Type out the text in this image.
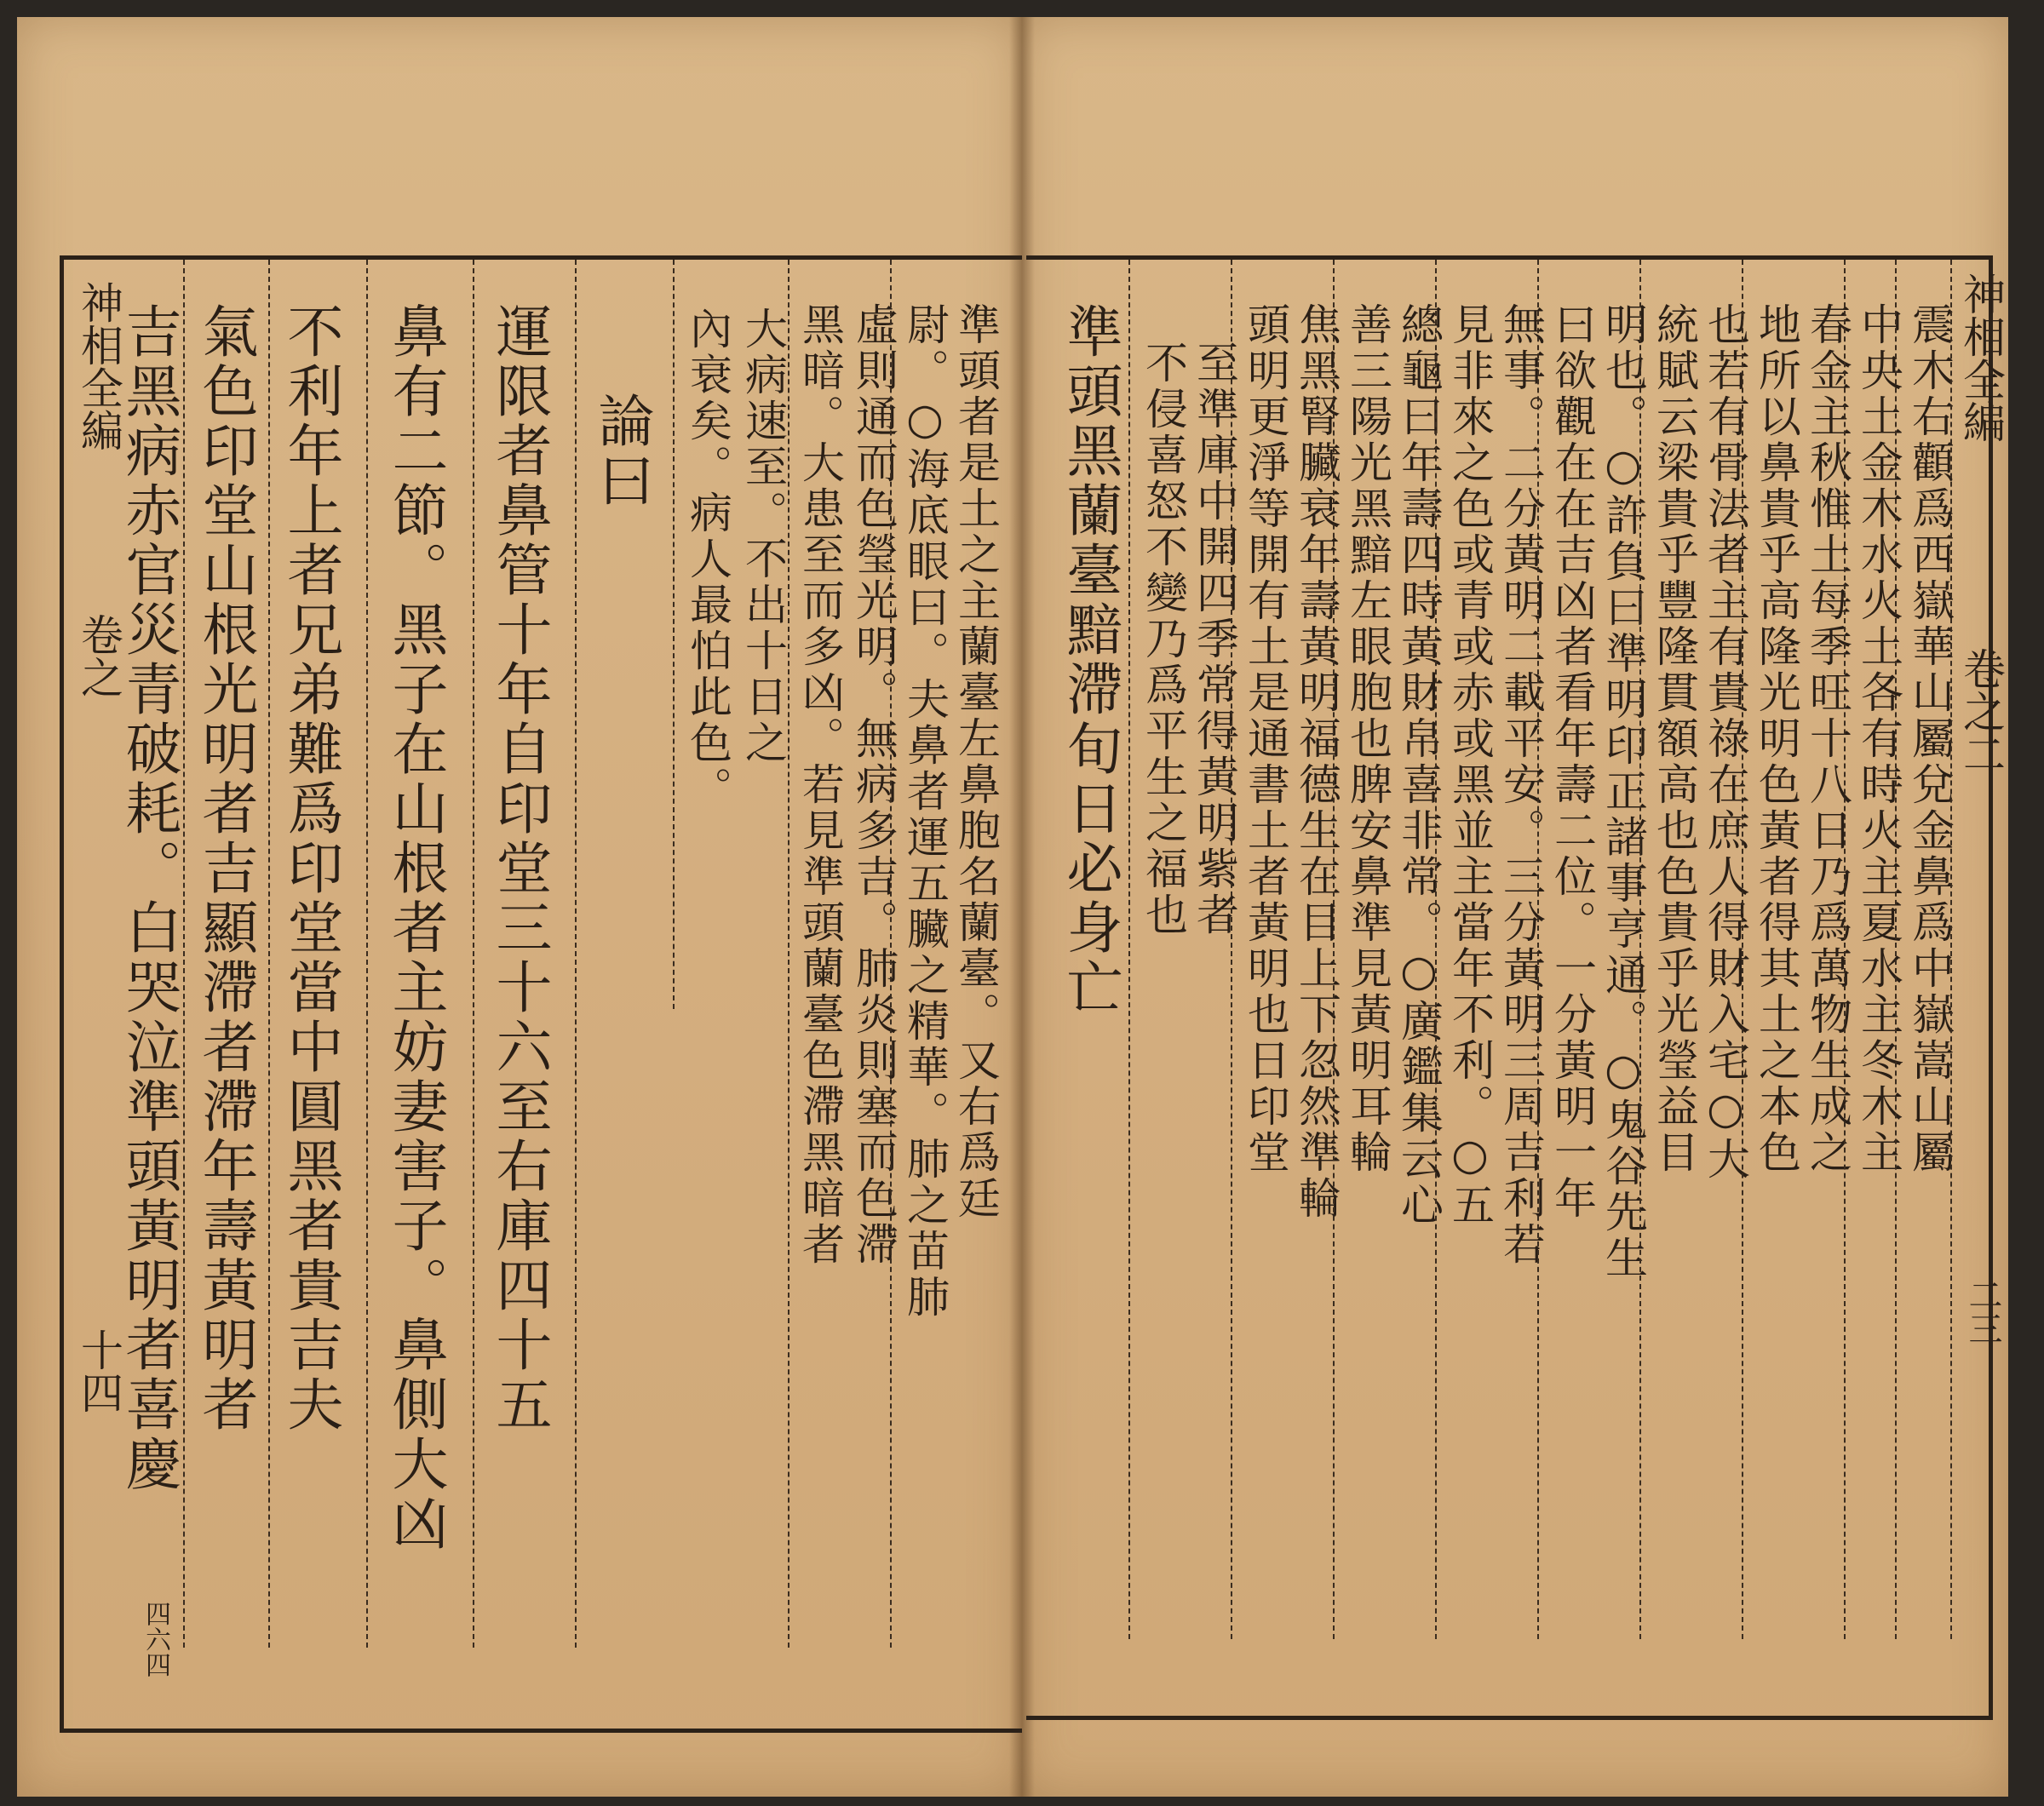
神相全編
卷之
十四
四六四
吉黑病赤官災青破耗。白哭泣準頭黃明者喜慶 氣色印堂山根光明者吉顯滯者滯年壽黃明者 不利年上者兄弟難爲印堂當中圓黑者貴吉夫 鼻有二節。黑子在山根者主妨妻害子。鼻側大凶 運限者鼻管十年自印堂三十六至右庫四十五 論曰 內衰矣。病人最怕此色。 大病速至。不出十日之 黑暗。大患至而多凶。若見準頭蘭臺色滯黑暗者 虛則通而色瑩光明。無病多吉。肺炎則塞而色滯 尉。○海底眼曰。夫鼻者運五臟之精華。肺之苗肺 準頭者是土之主蘭臺左鼻胞名蘭臺。又右爲廷 準頭黑蘭臺黯滯旬日必身亡 不侵喜怒不變乃爲平生之福也 至準庫中開四季常得黃明紫者 頭明更淨等開有土是通書土者黃明也日印堂 焦黑腎臟衰年壽黃明福德生在目上下忽然準輪 善三陽光黑黯左眼胞也脾安鼻準見黃明耳輪 總龜曰年壽四時黃財帛喜非常。○廣鑑集云心 見非來之色或青或赤或黑並主當年不利。○五 無事。二分黃明二載平安。三分黃明三周吉利若 曰欲觀在在吉凶者看年壽二位。一分黃明一年 明也。○許負曰準明印正諸事亨通。○鬼谷先生 統賦云梁貴乎豐隆貫額高也色貴乎光瑩益目 也若有骨法者主有貴祿在庶人得財入宅○大 地所以鼻貴乎高隆光明色黃者得其土之本色 春金主秋惟土每季旺十八日乃爲萬物生成之 中央土金木水火土各有時火主夏水主冬木主 震木右顴爲西嶽華山屬兌金鼻爲中嶽嵩山屬 神相全編
卷之二
二三
